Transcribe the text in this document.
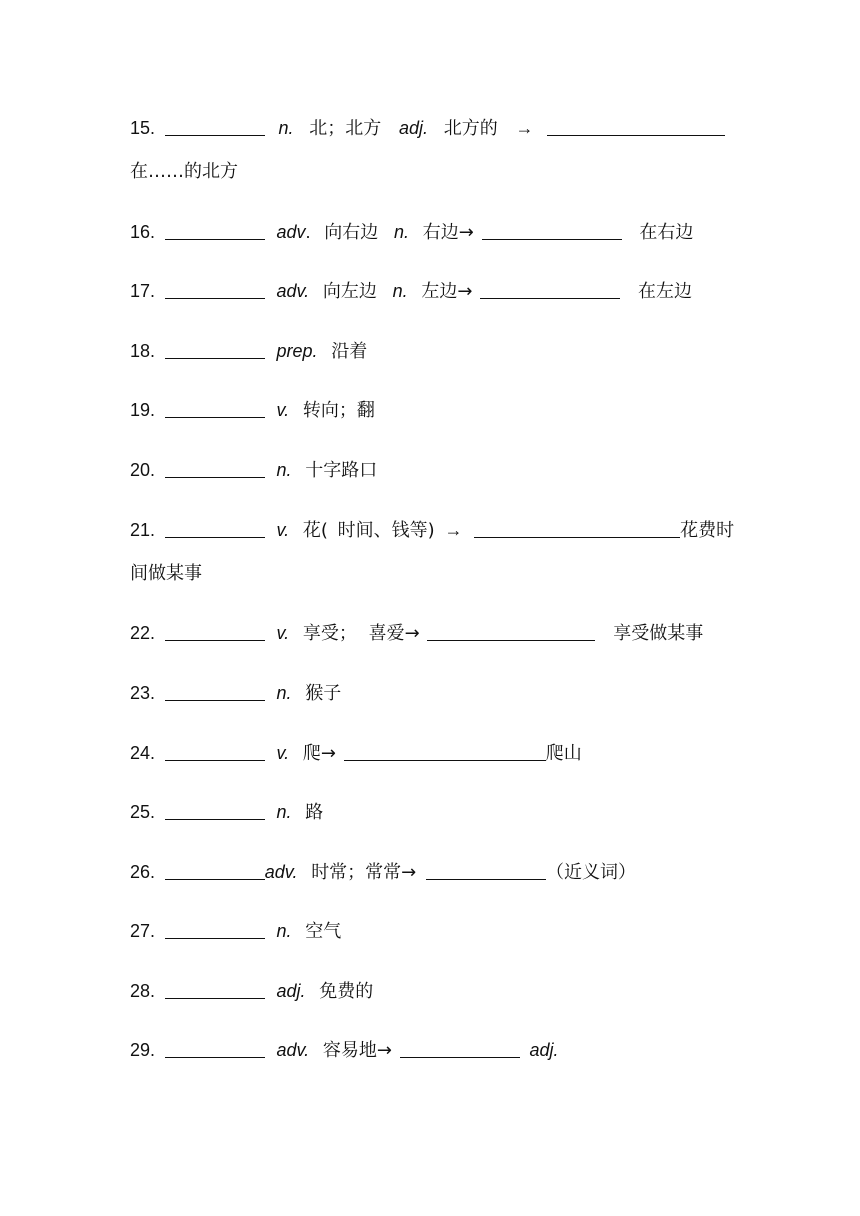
15.	n. 北；北方 adj. 北方的 →
在……的北方
16.	adv. 向右边 n. 右边→	在右边
17.	adv. 向左边 n. 左边→	在左边
18.	prep. 沿着
19.	v. 转向；翻
20.	n. 十字路口
21.	v. 花( 时间、钱等) →	花费时
间做某事
22.	v. 享受； 喜爱→	享受做某事
23.	n. 猴子
24.	v. 爬→	爬山
25.	n. 路
26.	adv. 时常；常常→	（近义词）
27.	n. 空气
28.	adj. 免费的
29.	adv. 容易地→	adj.
